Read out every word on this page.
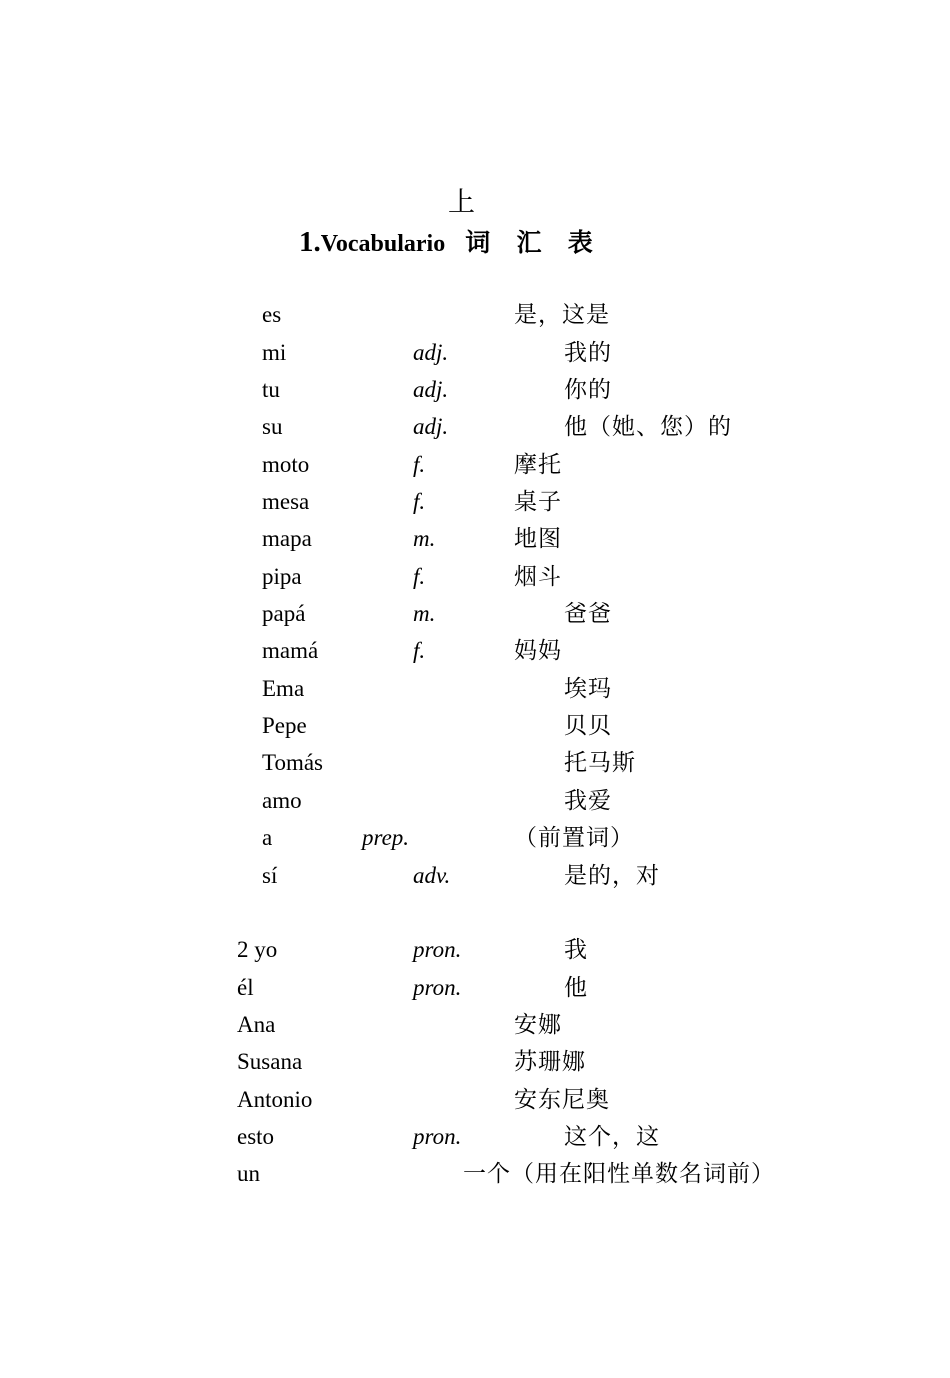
上
1.Vocabulario 词 汇 表
es	是，这是
mi	adj.	我的
tu	adj.	你的
su	adj.	他（她、您）的
moto	f.	摩托
mesa	f.	桌子
mapa	m.	地图
pipa	f.	烟斗
papá	m.	爸爸
mamá	f.	妈妈
Ema	埃玛
Pepe	贝贝
Tomás	托马斯
amo	我爱
a	prep.	（前置词）
sí	adv.	是的，对
2 yo	pron.	我
él	pron.	他
Ana	安娜
Susana	苏珊娜
Antonio	安东尼奥
esto	pron.	这个，这
un	一个（用在阳性单数名词前）
